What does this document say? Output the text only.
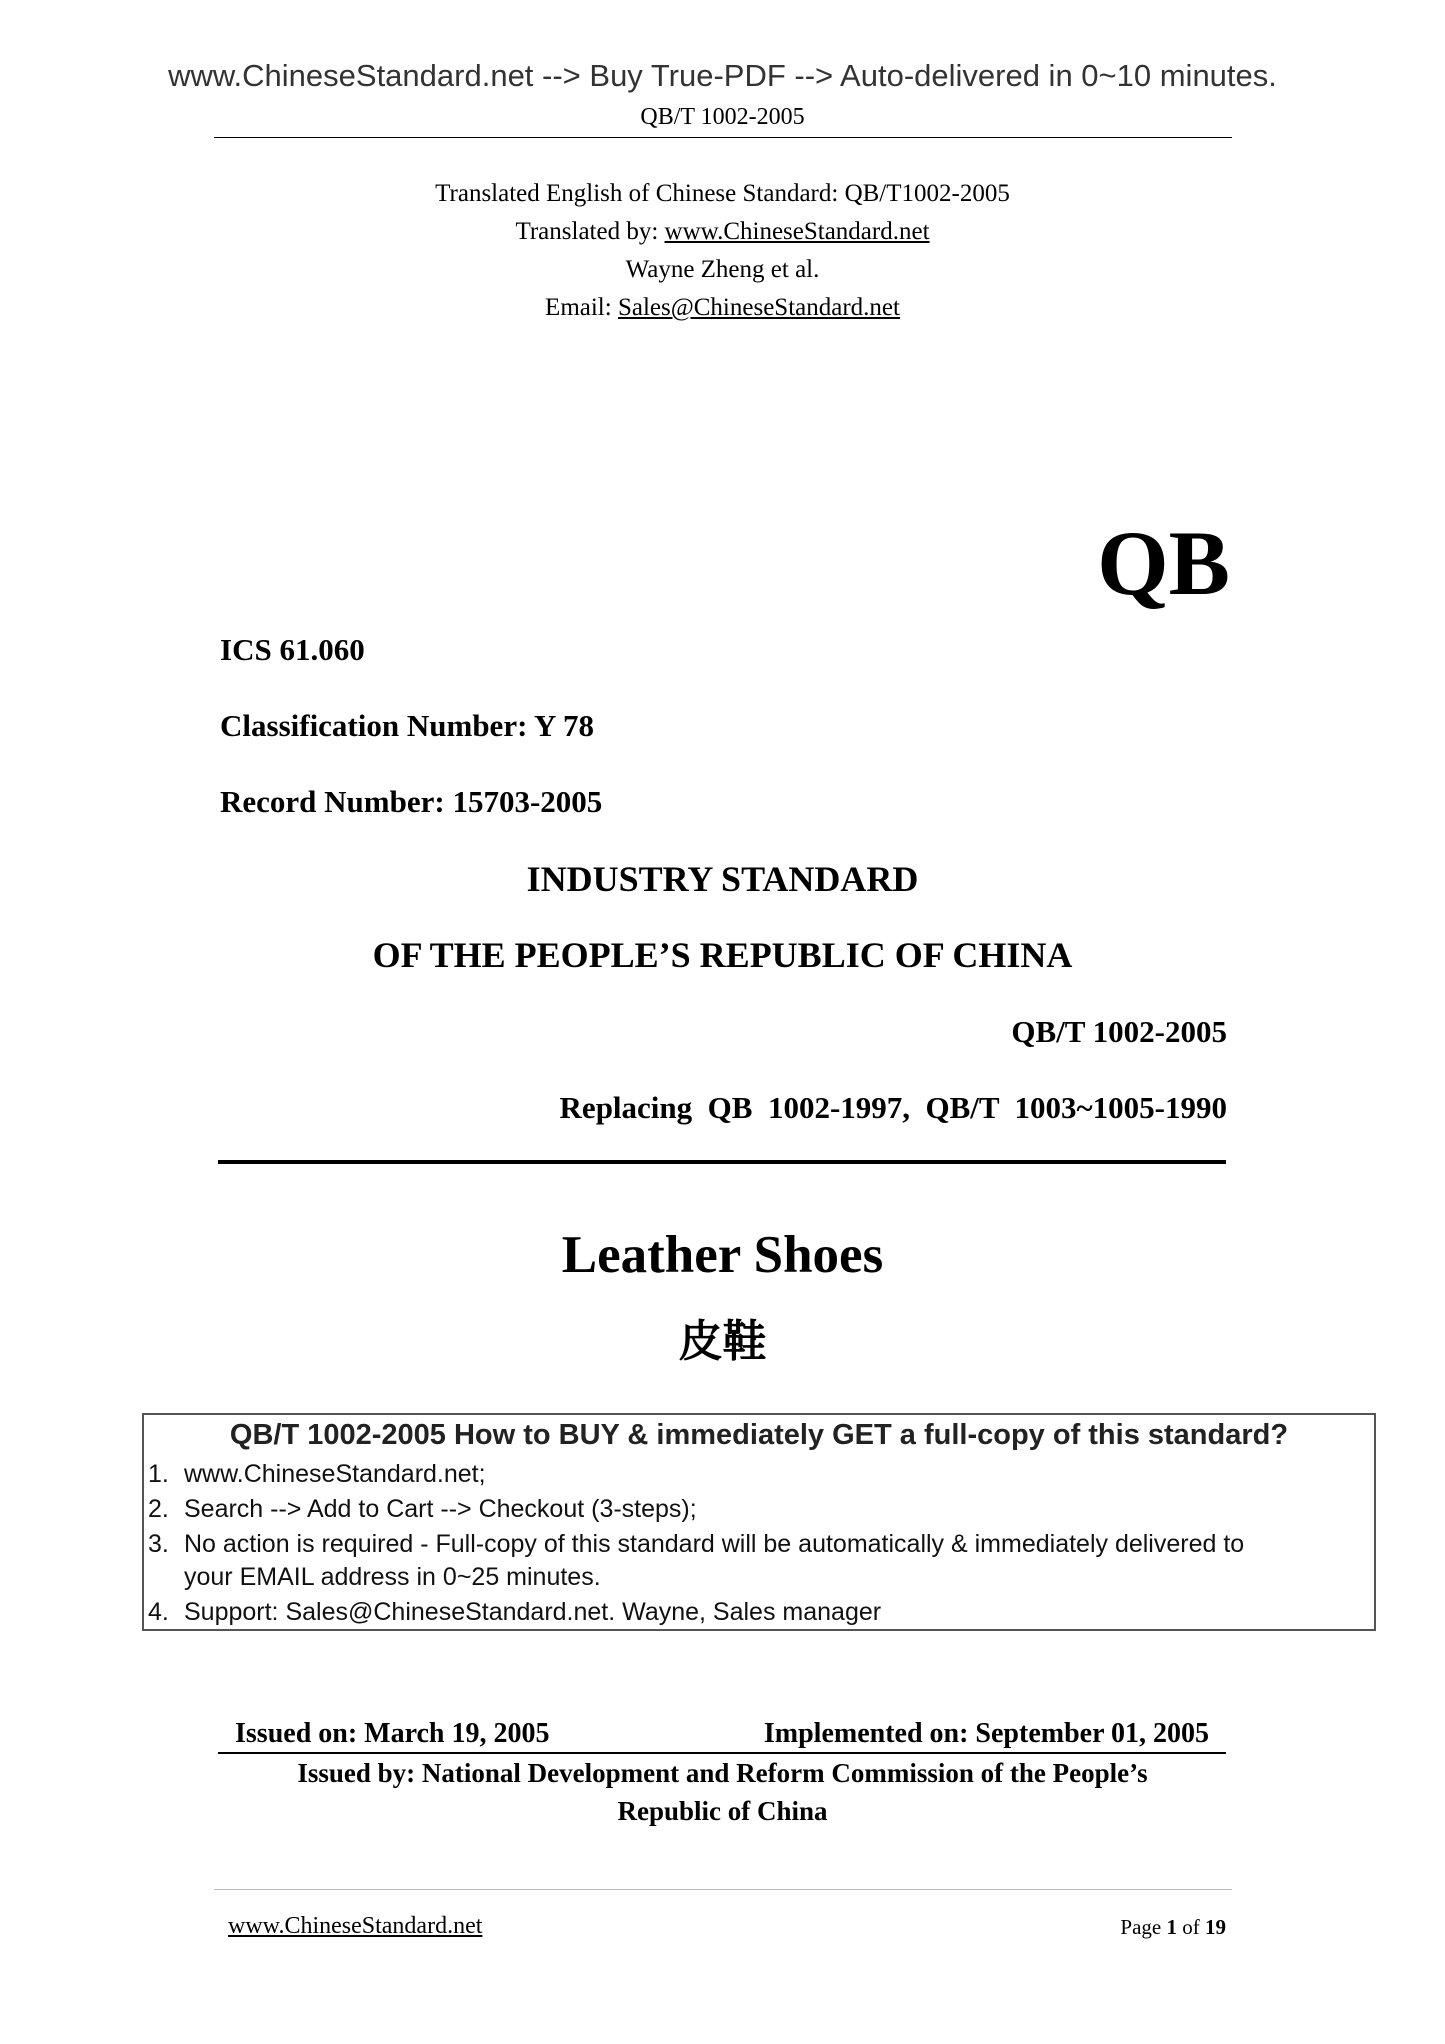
www.ChineseStandard.net --> Buy True-PDF --> Auto-delivered in 0~10 minutes.
QB/T 1002-2005
Translated English of Chinese Standard: QB/T1002-2005
Translated by: www.ChineseStandard.net
Wayne Zheng et al.
Email: Sales@ChineseStandard.net
QB
ICS 61.060
Classification Number: Y 78
Record Number: 15703-2005
INDUSTRY STANDARD
OF THE PEOPLE’S REPUBLIC OF CHINA
QB/T 1002-2005
Replacing  QB  1002-1997,  QB/T  1003~1005-1990
Leather Shoes
皮鞋
QB/T 1002-2005 How to BUY & immediately GET a full-copy of this standard?
1. www.ChineseStandard.net;
2. Search --> Add to Cart --> Checkout (3-steps);
3. No action is required - Full-copy of this standard will be automatically & immediately delivered to
your EMAIL address in 0~25 minutes.
4. Support: Sales@ChineseStandard.net. Wayne, Sales manager
Issued on: March 19, 2005	Implemented on: September 01, 2005
Issued by: National Development and Reform Commission of the People’s
Republic of China
www.ChineseStandard.net	Page 1 of 19
